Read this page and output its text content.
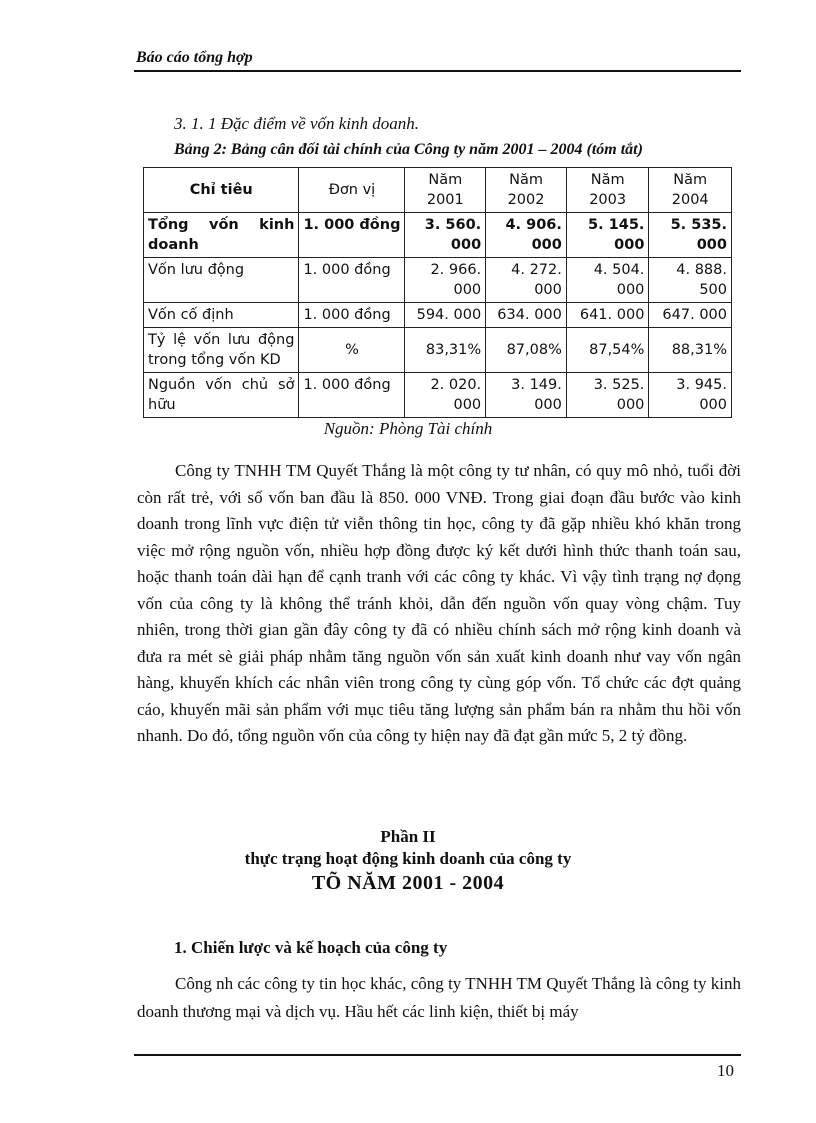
Báo cáo tổng hợp
3. 1. 1 Đặc điểm về vốn kinh doanh.
Bảng 2: Bảng cân đối tài chính của Công ty năm 2001 – 2004 (tóm tắt)
Chỉ tiêu	Đơn vị	Năm 2001	Năm 2002	Năm 2003	Năm 2004
Tổng vốn kinh doanh	1. 000 đồng	3. 560. 000	4. 906. 000	5. 145. 000	5. 535. 000
Vốn lưu động	1. 000 đồng	2. 966. 000	4. 272. 000	4. 504. 000	4. 888. 500
Vốn cố định	1. 000 đồng	594. 000	634. 000	641. 000	647. 000
Tỷ lệ vốn lưu động trong tổng vốn KD	%	83,31%	87,08%	87,54%	88,31%
Nguồn vốn chủ sở hữu	1. 000 đồng	2. 020. 000	3. 149. 000	3. 525. 000	3. 945. 000
Nguồn: Phòng Tài chính

Công ty TNHH TM Quyết Thắng là một công ty tư nhân, có quy mô nhỏ, tuổi đời còn rất trẻ, với số vốn ban đầu là 850. 000 VNĐ. Trong giai đoạn đầu bước vào kinh doanh trong lĩnh vực điện tử viễn thông tin học, công ty đã gặp nhiều khó khăn trong việc mở rộng nguồn vốn, nhiều hợp đồng được ký kết dưới hình thức thanh toán sau, hoặc thanh toán dài hạn để cạnh tranh với các công ty khác. Vì vậy tình trạng nợ đọng vốn của công ty là không thể tránh khỏi, dẫn đến nguồn vốn quay vòng chậm. Tuy nhiên, trong thời gian gần đây công ty đã có nhiều chính sách mở rộng kinh doanh và đưa ra mét sè giải pháp nhằm tăng nguồn vốn sản xuất kinh doanh như vay vốn ngân hàng, khuyến khích các nhân viên trong công ty cùng góp vốn. Tổ chức các đợt quảng cáo, khuyến mãi sản phẩm với mục tiêu tăng lượng sản phẩm bán ra nhằm thu hồi vốn nhanh. Do đó, tổng nguồn vốn của công ty hiện nay đã đạt gần mức 5, 2 tỷ đồng.

Phần II
thực trạng hoạt động kinh doanh của công ty
TÕ NĂM 2001 - 2004
1. Chiến lược và kế hoạch của công ty

Công nh các công ty tin học khác, công ty TNHH TM Quyết Thắng là công ty kinh doanh thương mại và dịch vụ. Hầu hết các linh kiện, thiết bị máy

10
